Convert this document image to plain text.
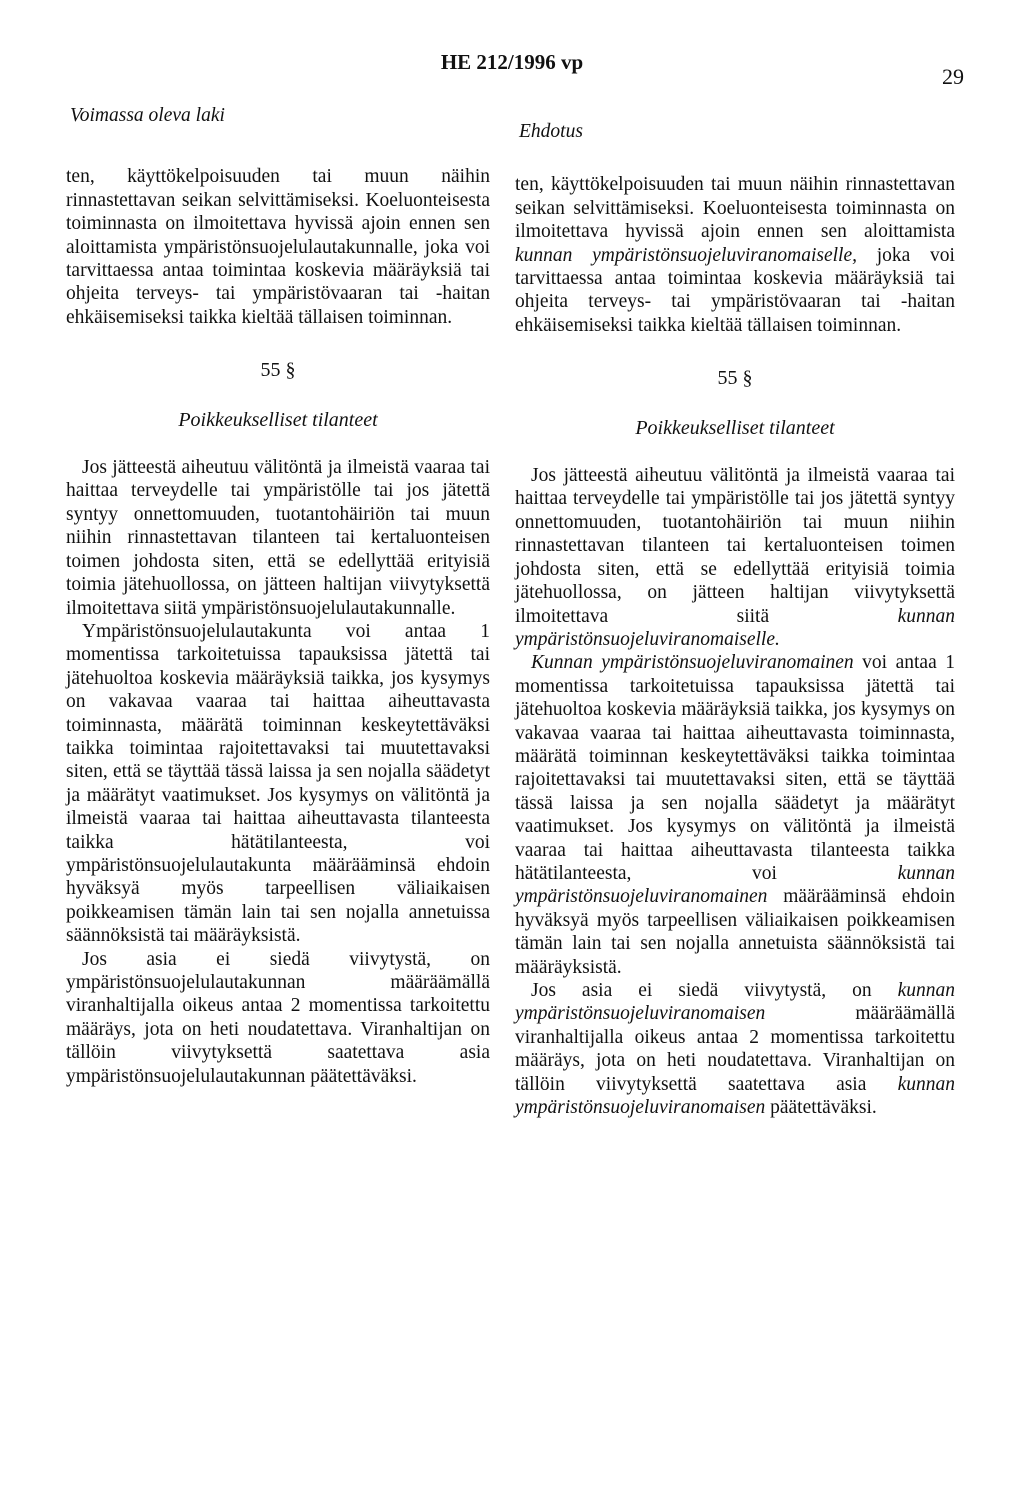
HE 212/1996 vp
29
Voimassa oleva laki

ten, käyttökelpoisuuden tai muun näihin rinnastettavan seikan selvittämiseksi. Koeluonteisesta toiminnasta on ilmoitettava hyvissä ajoin ennen sen aloittamista ympäristönsuojelulautakunnalle, joka voi tarvittaessa antaa toimintaa koskevia määräyksiä tai ohjeita terveys- tai ympäristövaaran tai -haitan ehkäisemiseksi taikka kieltää tällaisen toiminnan.

55 §
Poikkeukselliset tilanteet

Jos jätteestä aiheutuu välitöntä ja ilmeistä vaaraa tai haittaa terveydelle tai ympäristölle tai jos jätettä syntyy onnettomuuden, tuotantohäiriön tai muun niihin rinnastettavan tilanteen tai kertaluonteisen toimen johdosta siten, että se edellyttää erityisiä toimia jätehuollossa, on jätteen haltijan viivytyksettä ilmoitettava siitä ympäristönsuojelulautakunnalle.

Ympäristönsuojelulautakunta voi antaa 1 momentissa tarkoitetuissa tapauksissa jätettä tai jätehuoltoa koskevia määräyksiä taikka, jos kysymys on vakavaa vaaraa tai haittaa aiheuttavasta toiminnasta, määrätä toiminnan keskeytettäväksi taikka toimintaa rajoitettavaksi tai muutettavaksi siten, että se täyttää tässä laissa ja sen nojalla säädetyt ja määrätyt vaatimukset. Jos kysymys on välitöntä ja ilmeistä vaaraa tai haittaa aiheuttavasta tilanteesta taikka hätätilanteesta, voi ympäristönsuojelulautakunta määrääminsä ehdoin hyväksyä myös tarpeellisen väliaikaisen poikkeamisen tämän lain tai sen nojalla annetuissa säännöksistä tai määräyksistä.

Jos asia ei siedä viivytystä, on ympäristönsuojelulautakunnan määräämällä viranhaltijalla oikeus antaa 2 momentissa tarkoitettu määräys, jota on heti noudatettava. Viranhaltijan on tällöin viivytyksettä saatettava asia ympäristönsuojelulautakunnan päätettäväksi.

Ehdotus

ten, käyttökelpoisuuden tai muun näihin rinnastettavan seikan selvittämiseksi. Koeluonteisesta toiminnasta on ilmoitettava hyvissä ajoin ennen sen aloittamista kunnan ympäristönsuojeluviranomaiselle, joka voi tarvittaessa antaa toimintaa koskevia määräyksiä tai ohjeita terveys- tai ympäristövaaran tai -haitan ehkäisemiseksi taikka kieltää tällaisen toiminnan.

55 §
Poikkeukselliset tilanteet

Jos jätteestä aiheutuu välitöntä ja ilmeistä vaaraa tai haittaa terveydelle tai ympäristölle tai jos jätettä syntyy onnettomuuden, tuotantohäiriön tai muun niihin rinnastettavan tilanteen tai kertaluonteisen toimen johdosta siten, että se edellyttää erityisiä toimia jätehuollossa, on jätteen haltijan viivytyksettä ilmoitettava siitä kunnan ympäristönsuojeluviranomaiselle.

Kunnan ympäristönsuojeluviranomainen voi antaa 1 momentissa tarkoitetuissa tapauksissa jätettä tai jätehuoltoa koskevia määräyksiä taikka, jos kysymys on vakavaa vaaraa tai haittaa aiheuttavasta toiminnasta, määrätä toiminnan keskeytettäväksi taikka toimintaa rajoitettavaksi tai muutettavaksi siten, että se täyttää tässä laissa ja sen nojalla säädetyt ja määrätyt vaatimukset. Jos kysymys on välitöntä ja ilmeistä vaaraa tai haittaa aiheuttavasta tilanteesta taikka hätätilanteesta, voi kunnan ympäristönsuojeluviranomainen määrääminsä ehdoin hyväksyä myös tarpeellisen väliaikaisen poikkeamisen tämän lain tai sen nojalla annetuista säännöksistä tai määräyksistä.

Jos asia ei siedä viivytystä, on kunnan ympäristönsuojeluviranomaisen määräämällä viranhaltijalla oikeus antaa 2 momentissa tarkoitettu määräys, jota on heti noudatettava. Viranhaltijan on tällöin viivytyksettä saatettava asia kunnan ympäristönsuojeluviranomaisen päätettäväksi.
